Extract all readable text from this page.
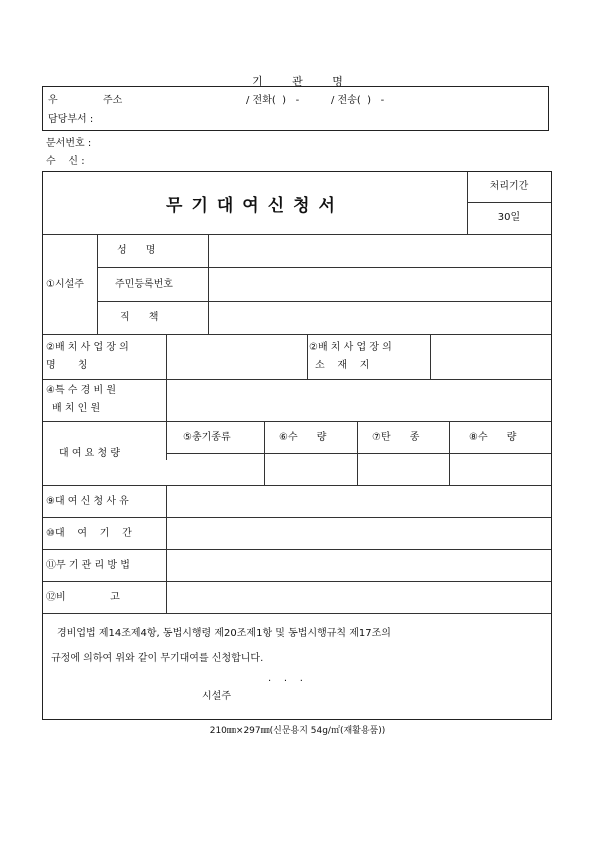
기 관 명
우	주소	/ 전화(  )   -	/ 전송(  )   -
담당부서 :
문서번호 :
수    신 :
무기대여신청서
처리기간
30일
①시설주
성      명
주민등록번호
직      책
②배 치 사 업 장 의
명       칭
②배 치 사 업 장 의
소    재    지
④특 수 경 비 원
배 치 인 원
대 여 요 청 량
⑤총기종류	⑥수      량	⑦탄      종	⑧수      량
⑨대 여 신 청 사 유
⑩대    여    기    간
⑪무 기 관 리 방 법
⑫비              고
경비업법 제14조제4항, 동법시행령 제20조제1항 및 동법시행규칙 제17조의
규정에 의하여 위와 같이 무기대여를 신청합니다.
.    .    .
시설주
210㎜×297㎜(신문용지 54g/㎡(재활용품))
